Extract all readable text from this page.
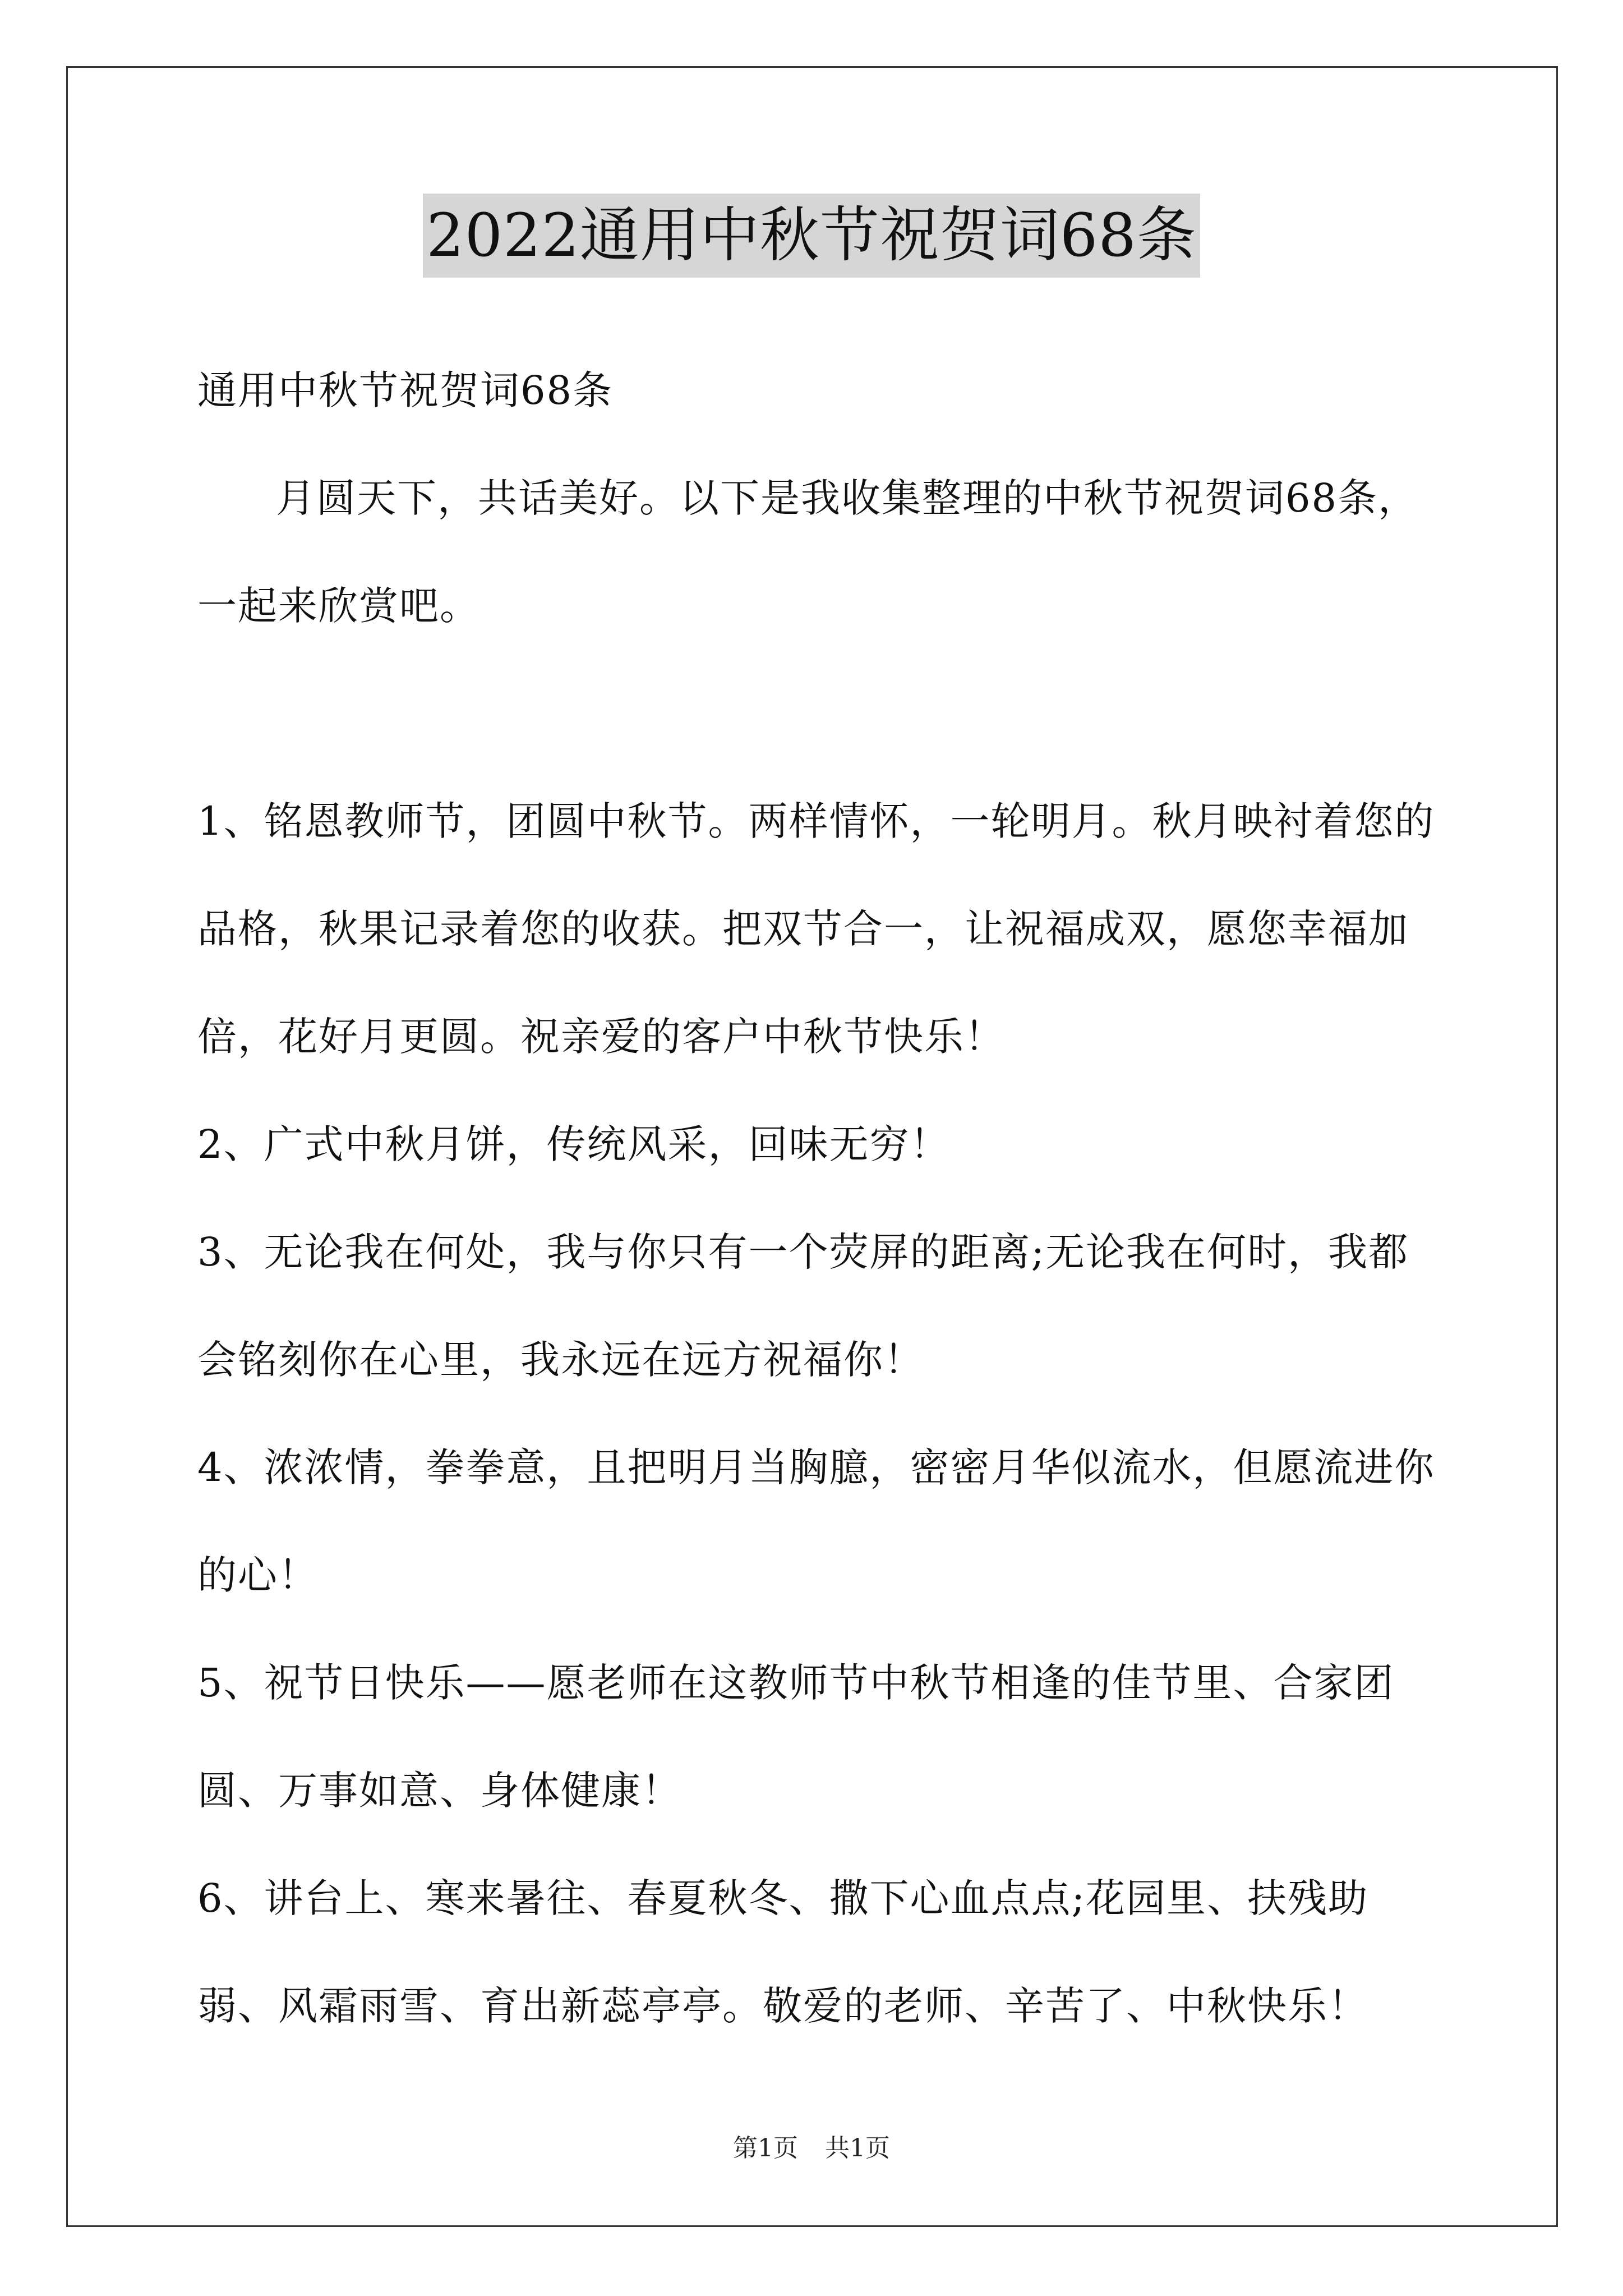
2022通用中秋节祝贺词68条

通用中秋节祝贺词68条

月圆天下，共话美好。以下是我收集整理的中秋节祝贺词68条，一起来欣赏吧。

1、铭恩教师节，团圆中秋节。两样情怀，一轮明月。秋月映衬着您的品格，秋果记录着您的收获。把双节合一，让祝福成双，愿您幸福加倍，花好月更圆。祝亲爱的客户中秋节快乐！

2、广式中秋月饼，传统风采，回味无穷！

3、无论我在何处，我与你只有一个荧屏的距离;无论我在何时，我都会铭刻你在心里，我永远在远方祝福你！

4、浓浓情，拳拳意，且把明月当胸臆，密密月华似流水，但愿流进你的心！

5、祝节日快乐——愿老师在这教师节中秋节相逢的佳节里、合家团圆、万事如意、身体健康！

6、讲台上、寒来暑往、春夏秋冬、撒下心血点点;花园里、扶残助弱、风霜雨雪、育出新蕊亭亭。敬爱的老师、辛苦了、中秋快乐！

第1页 共1页
